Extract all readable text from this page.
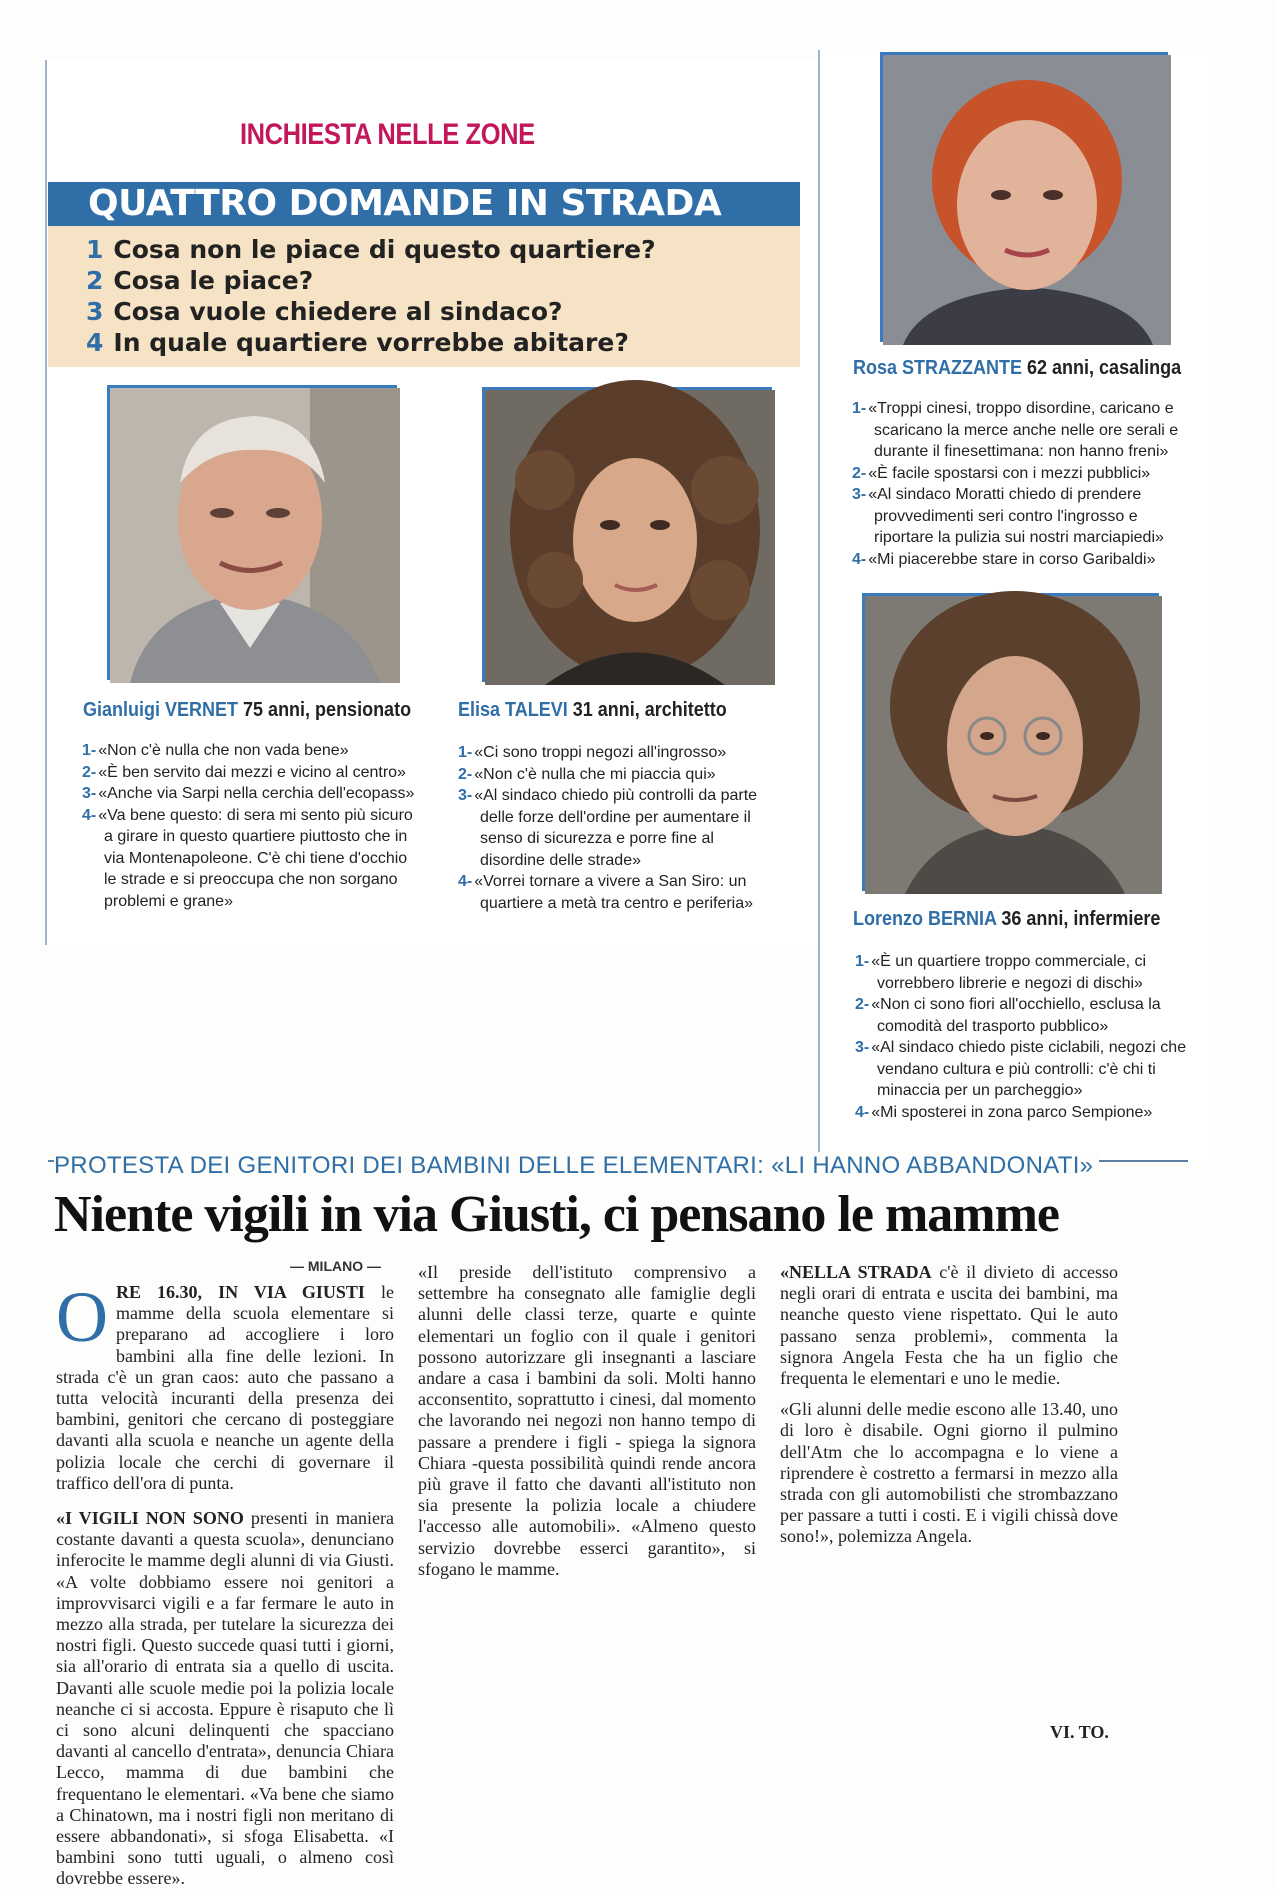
INCHIESTA NELLE ZONE
QUATTRO DOMANDE IN STRADA
1 Cosa non le piace di questo quartiere?
2 Cosa le piace?
3 Cosa vuole chiedere al sindaco?
4 In quale quartiere vorrebbe abitare?
Gianluigi VERNET 75 anni, pensionato Elisa TALEVI 31 anni, architetto
Rosa STRAZZANTE 62 anni, casalinga
Lorenzo BERNIA 36 anni, infermiere
1- «Non c'è nulla che non vada bene»
2- «È ben servito dai mezzi e vicino al centro»
3- «Anche via Sarpi nella cerchia dell'ecopass»
4- «Va bene questo: di sera mi sento più sicuro a girare in questo quartiere piuttosto che in via Montenapoleone. C'è chi tiene d'occhio le strade e si preoccupa che non sorgano problemi e grane»
1- «Ci sono troppi negozi all'ingrosso»
2- «Non c'è nulla che mi piaccia qui»
3- «Al sindaco chiedo più controlli da parte delle forze dell'ordine per aumentare il senso di sicurezza e porre fine al disordine delle strade»
4- «Vorrei tornare a vivere a San Siro: un quartiere a metà tra centro e periferia»
1- «Troppi cinesi, troppo disordine, caricano e scaricano la merce anche nelle ore serali e durante il finesettimana: non hanno freni»
2- «È facile spostarsi con i mezzi pubblici»
3- «Al sindaco Moratti chiedo di prendere provvedimenti seri contro l'ingrosso e riportare la pulizia sui nostri marciapiedi»
4- «Mi piacerebbe stare in corso Garibaldi»
1- «È un quartiere troppo commerciale, ci vorrebbero librerie e negozi di dischi»
2- «Non ci sono fiori all'occhiello, esclusa la comodità del trasporto pubblico»
3- «Al sindaco chiedo piste ciclabili, negozi che vendano cultura e più controlli: c'è chi ti minaccia per un parcheggio»
4- «Mi sposterei in zona parco Sempione»
PROTESTA DEI GENITORI DEI BAMBINI DELLE ELEMENTARI: «LI HANNO ABBANDONATI»
Niente vigili in via Giusti, ci pensano le mamme
— MILANO —

ORE 16.30, IN VIA GIUSTI le mamme della scuola elementare si preparano ad accogliere i loro bambini alla fine delle lezioni. In strada c'è un gran caos: auto che passano a tutta velocità incuranti della presenza dei bambini, genitori che cercano di posteggiare davanti alla scuola e neanche un agente della polizia locale che cerchi di governare il traffico dell'ora di punta.

«I VIGILI NON SONO presenti in maniera costante davanti a questa scuola», denunciano inferocite le mamme degli alunni di via Giusti. «A volte dobbiamo essere noi genitori a improvvisarci vigili e a far fermare le auto in mezzo alla strada, per tutelare la sicurezza dei nostri figli. Questo succede quasi tutti i giorni, sia all'orario di entrata sia a quello di uscita. Davanti alle scuole medie poi la polizia locale neanche ci si accosta. Eppure è risaputo che lì ci sono alcuni delinquenti che spacciano davanti al cancello d'entrata», denuncia Chiara Lecco, mamma di due bambini che frequentano le elementari. «Va bene che siamo a Chinatown, ma i nostri figli non meritano di essere abbandonati», si sfoga Elisabetta. «I bambini sono tutti uguali, o almeno così dovrebbe essere».

«Il preside dell'istituto comprensivo a settembre ha consegnato alle famiglie degli alunni delle classi terze, quarte e quinte elementari un foglio con il quale i genitori possono autorizzare gli insegnanti a lasciare andare a casa i bambini da soli. Molti hanno acconsentito, soprattutto i cinesi, dal momento che lavorando nei negozi non hanno tempo di passare a prendere i figli - spiega la signora Chiara -questa possibilità quindi rende ancora più grave il fatto che davanti all'istituto non sia presente la polizia locale a chiudere l'accesso alle automobili». «Almeno questo servizio dovrebbe esserci garantito», si sfogano le mamme.

«NELLA STRADA c'è il divieto di accesso negli orari di entrata e uscita dei bambini, ma neanche questo viene rispettato. Qui le auto passano senza problemi», commenta la signora Angela Festa che ha un figlio che frequenta le elementari e uno le medie.

«Gli alunni delle medie escono alle 13.40, uno di loro è disabile. Ogni giorno il pulmino dell'Atm che lo accompagna e lo viene a riprendere è costretto a fermarsi in mezzo alla strada con gli automobilisti che strombazzano per passare a tutti i costi. E i vigili chissà dove sono!», polemizza Angela.

VI. TO.
